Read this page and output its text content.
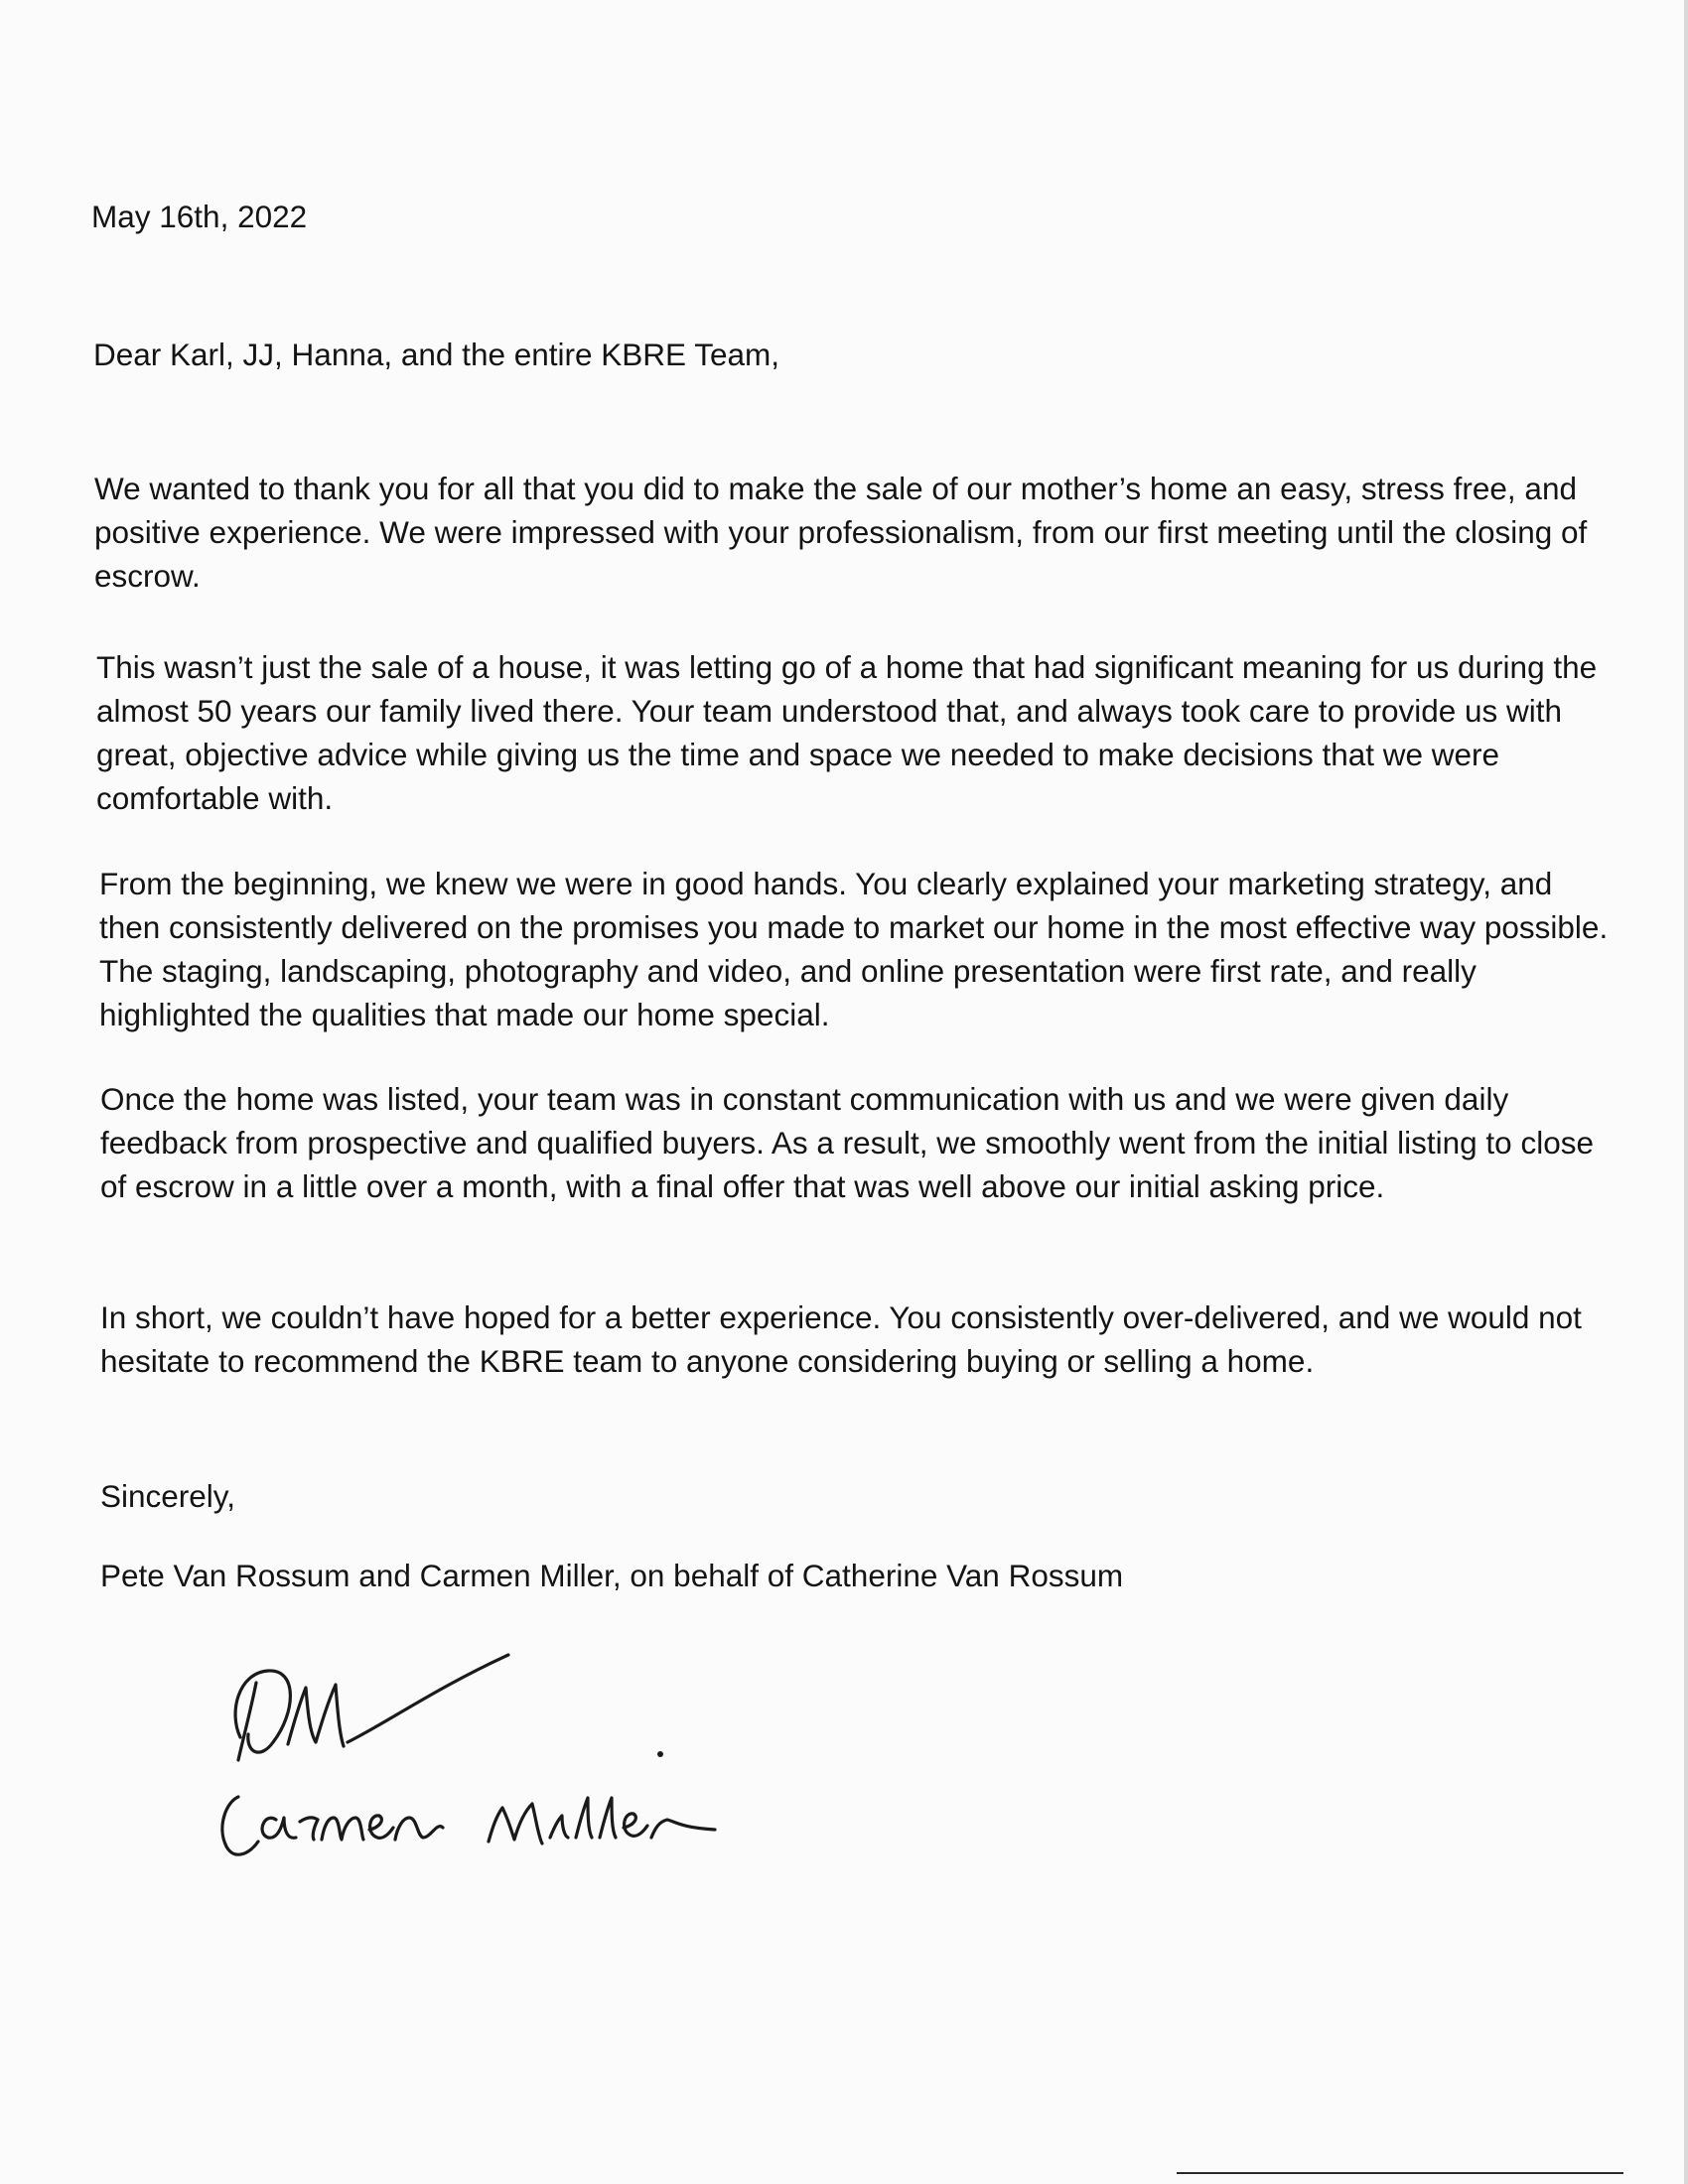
May 16th, 2022

Dear Karl, JJ, Hanna, and the entire KBRE Team,

We wanted to thank you for all that you did to make the sale of our mother’s home an easy, stress free, and positive experience. We were impressed with your professionalism, from our first meeting until the closing of escrow.

This wasn’t just the sale of a house, it was letting go of a home that had significant meaning for us during the almost 50 years our family lived there. Your team understood that, and always took care to provide us with great, objective advice while giving us the time and space we needed to make decisions that we were comfortable with.

From the beginning, we knew we were in good hands. You clearly explained your marketing strategy, and then consistently delivered on the promises you made to market our home in the most effective way possible. The staging, landscaping, photography and video, and online presentation were first rate, and really highlighted the qualities that made our home special.

Once the home was listed, your team was in constant communication with us and we were given daily feedback from prospective and qualified buyers. As a result, we smoothly went from the initial listing to close of escrow in a little over a month, with a final offer that was well above our initial asking price.

In short, we couldn’t have hoped for a better experience. You consistently over-delivered, and we would not hesitate to recommend the KBRE team to anyone considering buying or selling a home.

Sincerely,

Pete Van Rossum and Carmen Miller, on behalf of Catherine Van Rossum
